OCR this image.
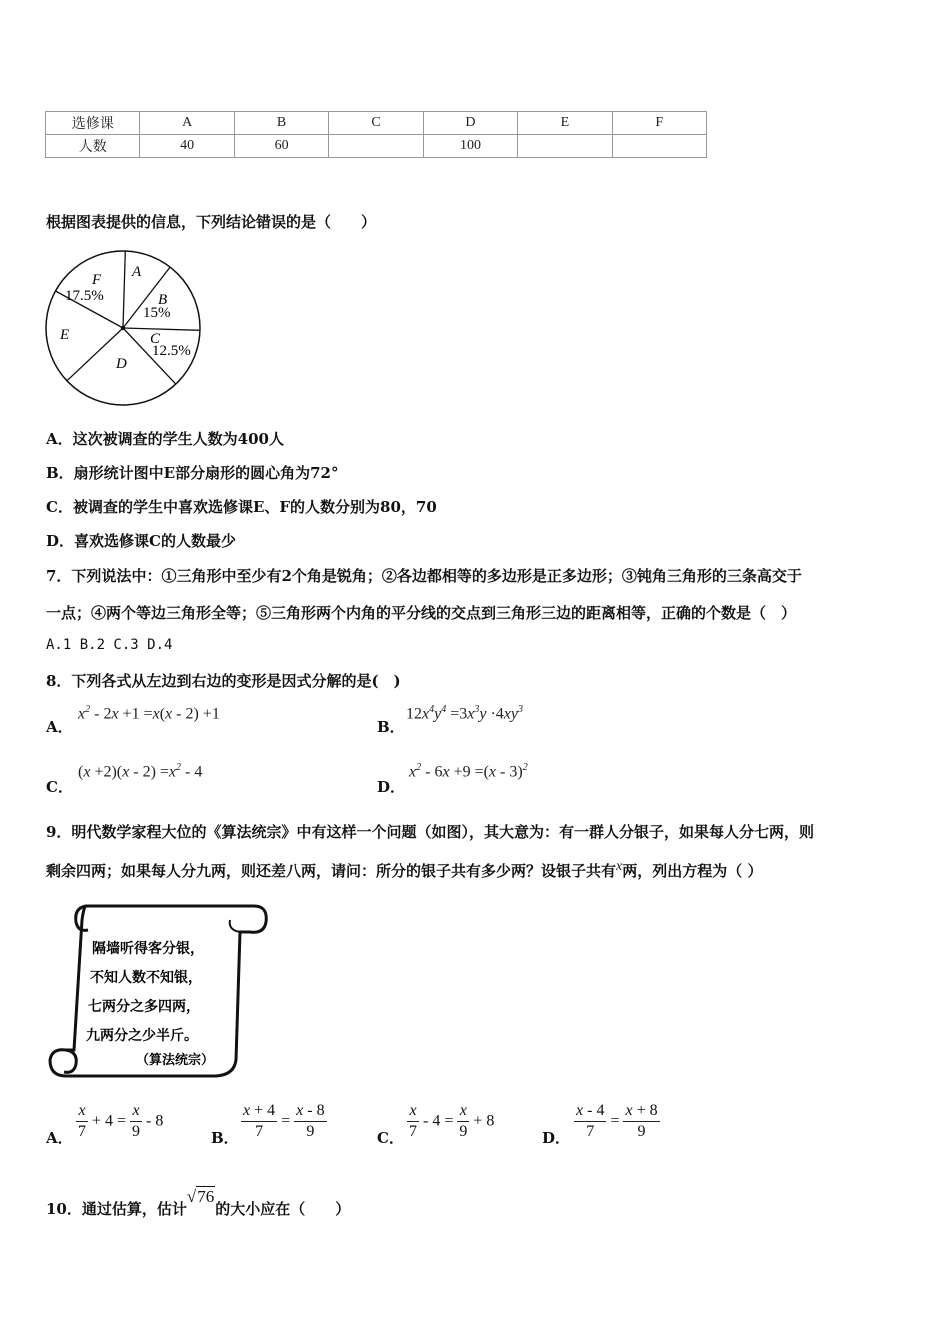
选修课	A	B	C	D	E	F
人数	40	60		100		
根据图表提供的信息，下列结论错误的是（　　）
F
17.5%
A
B
15%
C
12.5%
E
D
A．这次被调查的学生人数为400人
B．扇形统计图中E部分扇形的圆心角为72°
C．被调查的学生中喜欢选修课E、F的人数分别为80，70
D．喜欢选修课C的人数最少
7．下列说法中：①三角形中至少有2个角是锐角；②各边都相等的多边形是正多边形；③钝角三角形的三条高交于
一点；④两个等边三角形全等；⑤三角形两个内角的平分线的交点到三角形三边的距离相等，正确的个数是（　）
A.1 B.2 C.3 D.4
8．下列各式从左边到右边的变形是因式分解的是(　)
A．
$x^2 - 2x +1 =x(x - 2) +1$
B．
$12x^4y^4 =3x^3y \cdot 4xy^3$
C．
$(x +2)(x - 2) =x^2 - 4$
D．
$x^2 - 6x +9 =(x - 3)^2$
9．明代数学家程大位的《算法统宗》中有这样一个问题（如图），其大意为：有一群人分银子，如果每人分七两，则
剩余四两；如果每人分九两，则还差八两，请问：所分的银子共有多少两？设银子共有x两，列出方程为（ ）
隔墙听得客分银，
不知人数不知银，
七两分之多四两，
九两分之少半斤。
（算法统宗）
A． $\frac{x}{7} + 4 = \frac{x}{9} - 8$
B． $\frac{x + 4}{7} = \frac{x - 8}{9}$	C． $\frac{x}{7} - 4 = \frac{x}{9} + 8$
D． $\frac{x - 4}{7} = \frac{x + 8}{9}$
10．通过估算，估计√76的大小应在（　　）
